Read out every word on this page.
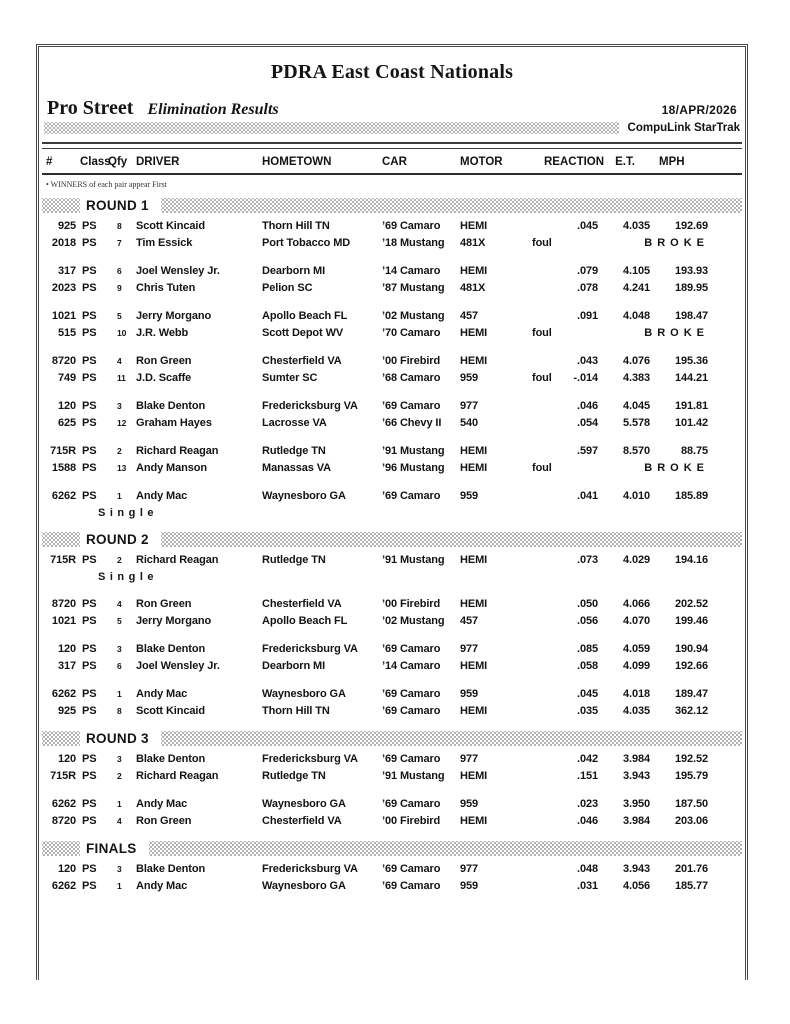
PDRA East Coast Nationals
Pro Street Elimination Results	18/APR/2026
CompuLink StarTrak
#	Class
Qfy DRIVER	HOMETOWN	CAR	MOTOR	REACTION E.T.	MPH
• WINNERS of each pair appear First
ROUND 1
925 PS	8	Scott Kincaid	Thorn Hill TN	’69 Camaro	HEMI	.045	4.035	192.69
2018 PS	7	Tim Essick	Port Tobacco MD	’18 Mustang	481X	foul	BROKE
317 PS	6	Joel Wensley Jr.	Dearborn MI	’14 Camaro	HEMI	.079	4.105	193.93
2023 PS	9	Chris Tuten	Pelion SC	’87 Mustang	481X	.078	4.241	189.95
1021 PS	5	Jerry Morgano	Apollo Beach FL	’02 Mustang	457	.091	4.048	198.47
515 PS	10 J.R. Webb	Scott Depot WV	’70 Camaro	HEMI	foul	BROKE
8720 PS	4	Ron Green	Chesterfield VA	’00 Firebird	HEMI	.043	4.076	195.36
749 PS	11 J.D. Scaffe	Sumter SC	’68 Camaro	959	foul -.014	4.383	144.21
120 PS	3	Blake Denton	Fredericksburg VA	’69 Camaro	977	.046	4.045	191.81
625 PS	12 Graham Hayes	Lacrosse VA	’66 Chevy II	540	.054	5.578	101.42
715R PS	2	Richard Reagan	Rutledge TN	’91 Mustang	HEMI	.597	8.570	88.75
1588 PS	13 Andy Manson	Manassas VA	’96 Mustang	HEMI	foul	BROKE
6262 PS	1	Andy Mac	Waynesboro GA	’69 Camaro	959	.041	4.010	185.89
Single
ROUND 2
715R PS	2	Richard Reagan	Rutledge TN	’91 Mustang	HEMI	.073	4.029	194.16
Single
8720 PS	4	Ron Green	Chesterfield VA	’00 Firebird	HEMI	.050	4.066	202.52
1021 PS	5	Jerry Morgano	Apollo Beach FL	’02 Mustang	457	.056	4.070	199.46
120 PS	3	Blake Denton	Fredericksburg VA	’69 Camaro	977	.085	4.059	190.94
317 PS	6	Joel Wensley Jr.	Dearborn MI	’14 Camaro	HEMI	.058	4.099	192.66
6262 PS	1	Andy Mac	Waynesboro GA	’69 Camaro	959	.045	4.018	189.47
925 PS	8	Scott Kincaid	Thorn Hill TN	’69 Camaro	HEMI	.035	4.035	362.12
ROUND 3
120 PS	3	Blake Denton	Fredericksburg VA	’69 Camaro	977	.042	3.984	192.52
715R PS	2	Richard Reagan	Rutledge TN	’91 Mustang	HEMI	.151	3.943	195.79
6262 PS	1	Andy Mac	Waynesboro GA	’69 Camaro	959	.023	3.950	187.50
8720 PS	4	Ron Green	Chesterfield VA	’00 Firebird	HEMI	.046	3.984	203.06
FINALS
120 PS	3	Blake Denton	Fredericksburg VA	’69 Camaro	977	.048	3.943	201.76
6262 PS	1	Andy Mac	Waynesboro GA	’69 Camaro	959	.031	4.056	185.77
